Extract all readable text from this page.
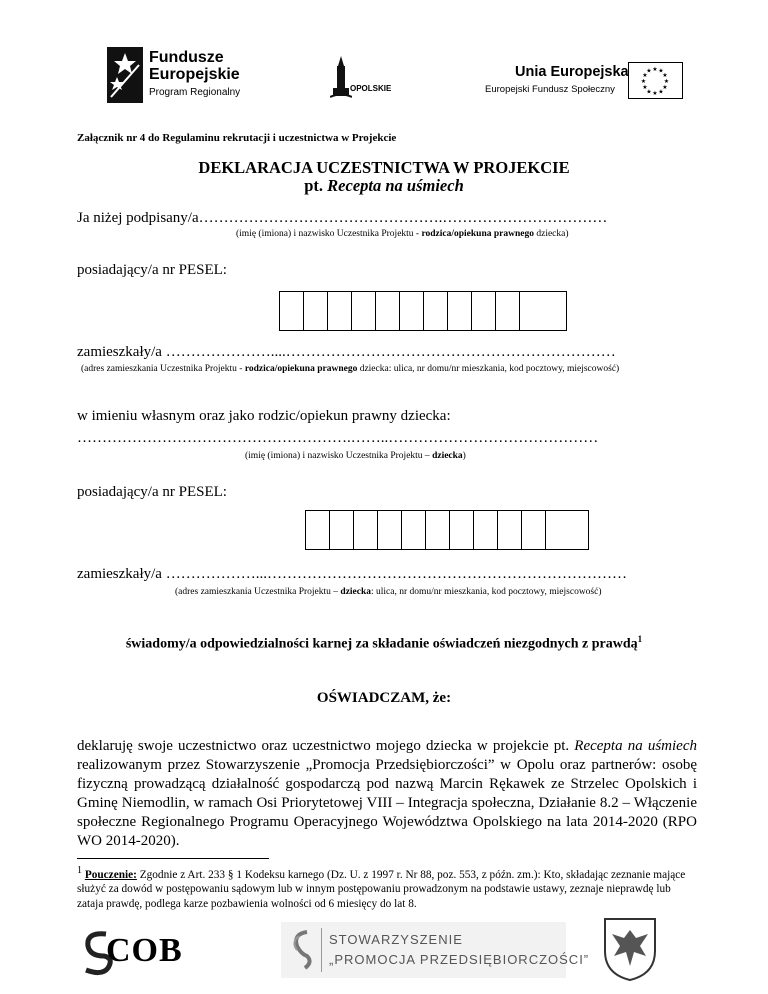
Fundusze
Europejskie
Program Regionalny	OPOLSKIE
Unia Europejska
Europejski Fundusz Społeczny
★ ★
★
★
★
★
★
★
★
★
★
★
Załącznik nr 4 do Regulaminu rekrutacji i uczestnictwa w Projekcie
DEKLARACJA UCZESTNICTWA W PROJEKCIE
pt. Recepta na uśmiech
Ja niżej podpisany/a………………………………………….……………………………
(imię (imiona) i nazwisko Uczestnika Projektu - rodzica/opiekuna prawnego dziecka)
posiadający/a nr PESEL:
zamieszkały/a …………………....…………………………………………………………
(adres zamieszkania Uczestnika Projektu - rodzica/opiekuna prawnego dziecka: ulica, nr domu/nr mieszkania, kod pocztowy, miejscowość)
w imieniu własnym oraz jako rodzic/opiekun prawny dziecka:
……………………………………………….……..……………………………………
(imię (imiona) i nazwisko Uczestnika Projektu – dziecka)
posiadający/a nr PESEL:
zamieszkały/a ………………...………………………………………………………………
(adres zamieszkania Uczestnika Projektu – dziecka: ulica, nr domu/nr mieszkania, kod pocztowy, miejscowość)
świadomy/a odpowiedzialności karnej za składanie oświadczeń niezgodnych z prawdą$^1$
OŚWIADCZAM, że:
deklaruję swoje uczestnictwo oraz uczestnictwo mojego dziecka w projekcie pt. Recepta na uśmiech realizowanym przez Stowarzyszenie „Promocja Przedsiębiorczości” w Opolu oraz partnerów: osobę fizyczną prowadzącą działalność gospodarczą pod nazwą Marcin Rękawek ze Strzelec Opolskich i Gminę Niemodlin, w ramach Osi Priorytetowej VIII – Integracja społeczna, Działanie 8.2 – Włączenie społeczne Regionalnego Programu Operacyjnego Województwa Opolskiego na lata 2014-2020 (RPO WO 2014-2020).
$^1$ Pouczenie: Zgodnie z Art. 233 § 1 Kodeksu karnego (Dz. U. z 1997 r. Nr 88, poz. 553, z późn. zm.): Kto, składając zeznanie mające służyć za dowód w postępowaniu sądowym lub w innym postępowaniu prowadzonym na podstawie ustawy, zeznaje nieprawdę lub zataja prawdę, podlega karze pozbawienia wolności od 6 miesięcy do lat 8.
COB	STOWARZYSZENIE
„PROMOCJA PRZEDSIĘBIORCZOŚCI”
